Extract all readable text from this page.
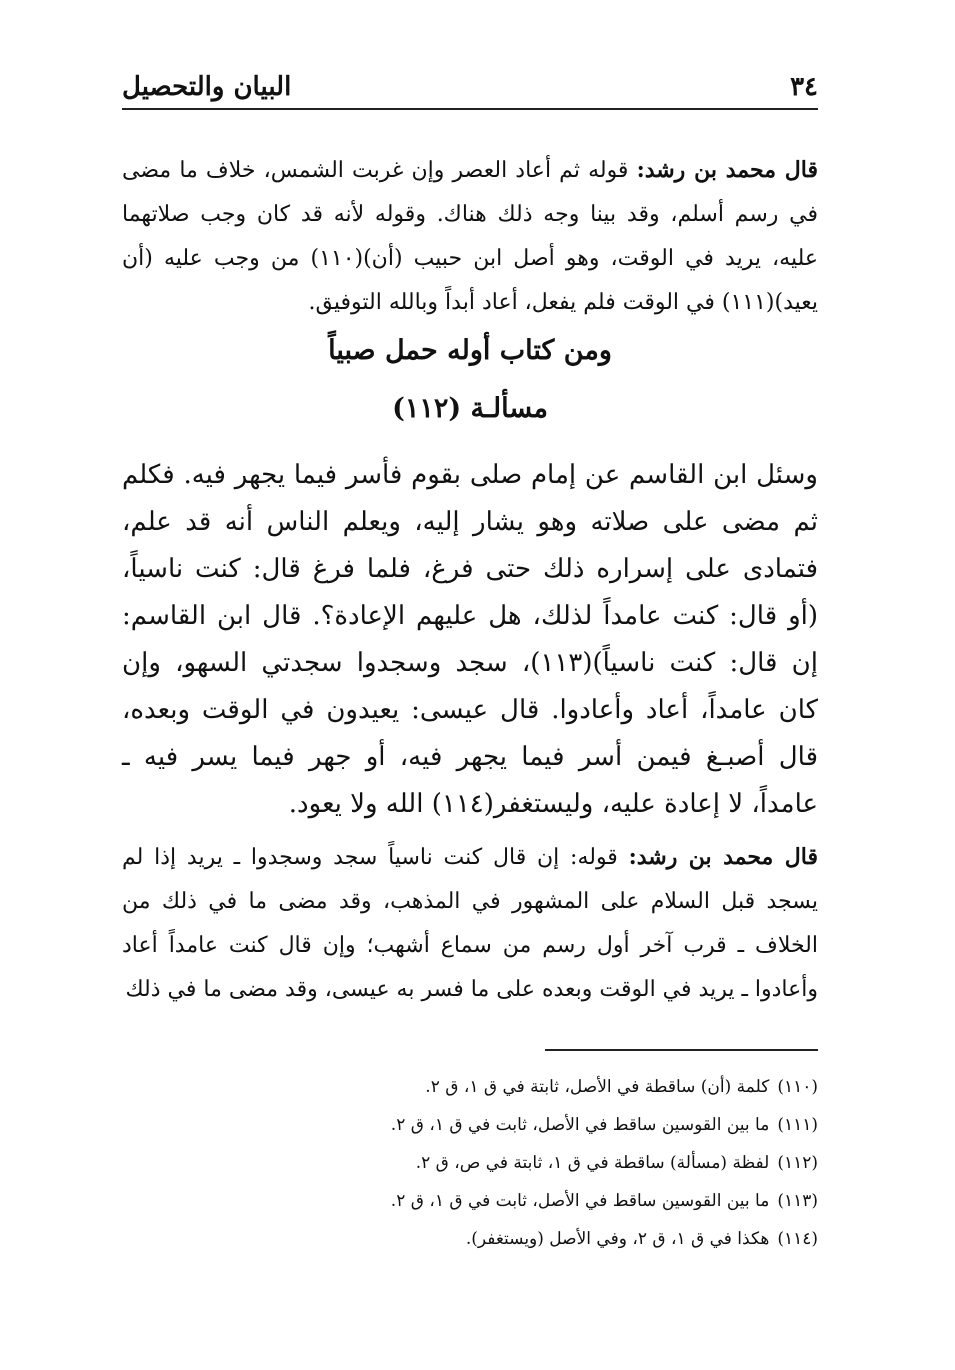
٣٤
البيان والتحصيل

قال محمد بن رشد: قوله ثم أعاد العصر وإن غربت الشمس، خلاف ما مضى في رسم أسلم، وقد بينا وجه ذلك هناك. وقوله لأنه قد كان وجب صلاتهما عليه، يريد في الوقت، وهو أصل ابن حبيب (أن)(١١٠) من وجب عليه (أن يعيد)(١١١) في الوقت فلم يفعل، أعاد أبداً وبالله التوفيق.

ومن كتاب أوله حمل صبياً
مسألـة (١١٢)

وسئل ابن القاسم عن إمام صلى بقوم فأسر فيما يجهر فيه. فكلم ثم مضى على صلاته وهو يشار إليه، ويعلم الناس أنه قد علم، فتمادى على إسراره ذلك حتى فرغ، فلما فرغ قال: كنت ناسياً، (أو قال: كنت عامداً لذلك، هل عليهم الإعادة؟. قال ابن القاسم: إن قال: كنت ناسياً)(١١٣)، سجد وسجدوا سجدتي السهو، وإن كان عامداً، أعاد وأعادوا. قال عيسى: يعيدون في الوقت وبعده، قال أصبـغ فيمن أسر فيما يجهر فيه، أو جهر فيما يسر فيه ـ عامداً، لا إعادة عليه، وليستغفر(١١٤) الله ولا يعود.

قال محمد بن رشد: قوله: إن قال كنت ناسياً سجد وسجدوا ـ يريد إذا لم يسجد قبل السلام على المشهور في المذهب، وقد مضى ما في ذلك من الخلاف ـ قرب آخر أول رسم من سماع أشهب؛ وإن قال كنت عامداً أعاد وأعادوا ـ يريد في الوقت وبعده على ما فسر به عيسى، وقد مضى ما في ذلك

(١١٠)كلمة (أن) ساقطة في الأصل، ثابتة في ق ١، ق ٢.
(١١١)ما بين القوسين ساقط في الأصل، ثابت في ق ١، ق ٢.
(١١٢)لفظة (مسألة) ساقطة في ق ١، ثابتة في ص، ق ٢.
(١١٣)ما بين القوسين ساقط في الأصل، ثابت في ق ١، ق ٢.
(١١٤)هكذا في ق ١، ق ٢، وفي الأصل (ويستغفر).
